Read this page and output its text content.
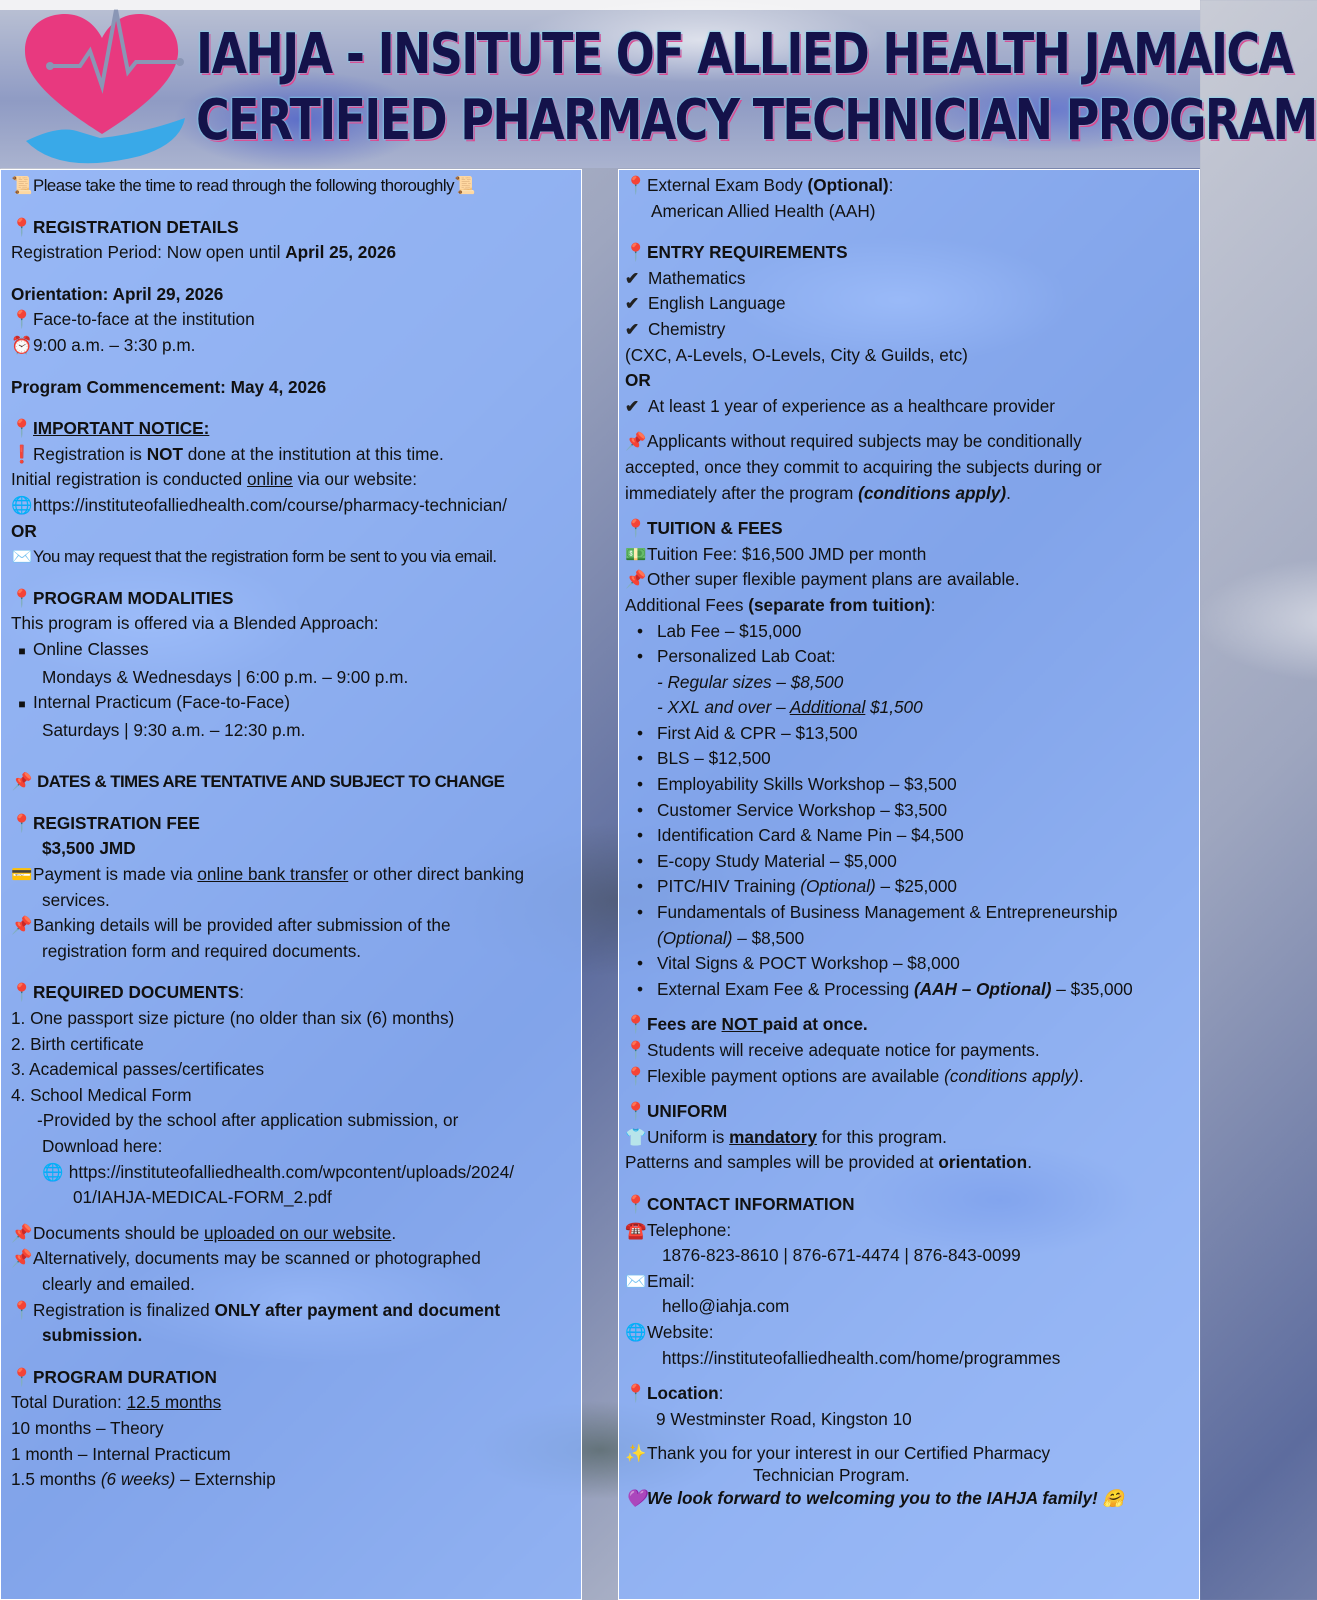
IAHJA - INSITUTE OF ALLIED HEALTH JAMAICA
CERTIFIED PHARMACY TECHNICIAN PROGRAM
📜Please take the time to read through the following thoroughly📜
📍REGISTRATION DETAILS
Registration Period: Now open until April 25, 2026
Orientation: April 29, 2026
📍Face-to-face at the institution
⏰9:00 a.m. – 3:30 p.m.
Program Commencement: May 4, 2026
📍IMPORTANT NOTICE:
❗Registration is NOT done at the institution at this time.
Initial registration is conducted online via our website:
🌐https://instituteofalliedhealth.com/course/pharmacy-technician/
OR
✉️You may request that the registration form be sent to you via email.
📍PROGRAM MODALITIES
This program is offered via a Blended Approach:
■ Online Classes
Mondays & Wednesdays | 6:00 p.m. – 9:00 p.m.
■ Internal Practicum (Face-to-Face)
Saturdays | 9:30 a.m. – 12:30 p.m.
📌 DATES & TIMES ARE TENTATIVE AND SUBJECT TO CHANGE
📍REGISTRATION FEE
$3,500 JMD
💳Payment is made via online bank transfer or other direct banking
services.
📌Banking details will be provided after submission of the
registration form and required documents.
📍REQUIRED DOCUMENTS:
1. One passport size picture (no older than six (6) months)
2. Birth certificate
3. Academical passes/certificates
4. School Medical Form
-Provided by the school after application submission, or
Download here:
🌐 https://instituteofalliedhealth.com/wpcontent/uploads/2024/
01/IAHJA-MEDICAL-FORM_2.pdf
📌Documents should be uploaded on our website.
📌Alternatively, documents may be scanned or photographed
clearly and emailed.
📍Registration is finalized ONLY after payment and document
submission.
📍PROGRAM DURATION
Total Duration: 12.5 months
10 months – Theory
1 month – Internal Practicum
1.5 months (6 weeks) – Externship
📍External Exam Body (Optional):
American Allied Health (AAH)
📍ENTRY REQUIREMENTS
✔ Mathematics
✔ English Language
✔ Chemistry
(CXC, A-Levels, O-Levels, City & Guilds, etc)
OR
✔ At least 1 year of experience as a healthcare provider
📌Applicants without required subjects may be conditionally
accepted, once they commit to acquiring the subjects during or
immediately after the program (conditions apply).
📍TUITION & FEES
💵Tuition Fee: $16,500 JMD per month
📌Other super flexible payment plans are available.
Additional Fees (separate from tuition):
• Lab Fee – $15,000
• Personalized Lab Coat:
- Regular sizes – $8,500
- XXL and over – Additional $1,500
• First Aid & CPR – $13,500
• BLS – $12,500
• Employability Skills Workshop – $3,500
• Customer Service Workshop – $3,500
• Identification Card & Name Pin – $4,500
• E-copy Study Material – $5,000
• PITC/HIV Training (Optional) – $25,000
• Fundamentals of Business Management & Entrepreneurship
(Optional) – $8,500
• Vital Signs & POCT Workshop – $8,000
• External Exam Fee & Processing (AAH – Optional) – $35,000
📍Fees are NOT paid at once.
📍Students will receive adequate notice for payments.
📍Flexible payment options are available (conditions apply).
📍UNIFORM
👕Uniform is mandatory for this program.
Patterns and samples will be provided at orientation.
📍CONTACT INFORMATION
☎️Telephone:
1876-823-8610 | 876-671-4474 | 876-843-0099
✉️Email:
hello@iahja.com
🌐Website:
https://instituteofalliedhealth.com/home/programmes
📍Location:
9 Westminster Road, Kingston 10
✨Thank you for your interest in our Certified Pharmacy
Technician Program.
💜We look forward to welcoming you to the IAHJA family! 🤗
